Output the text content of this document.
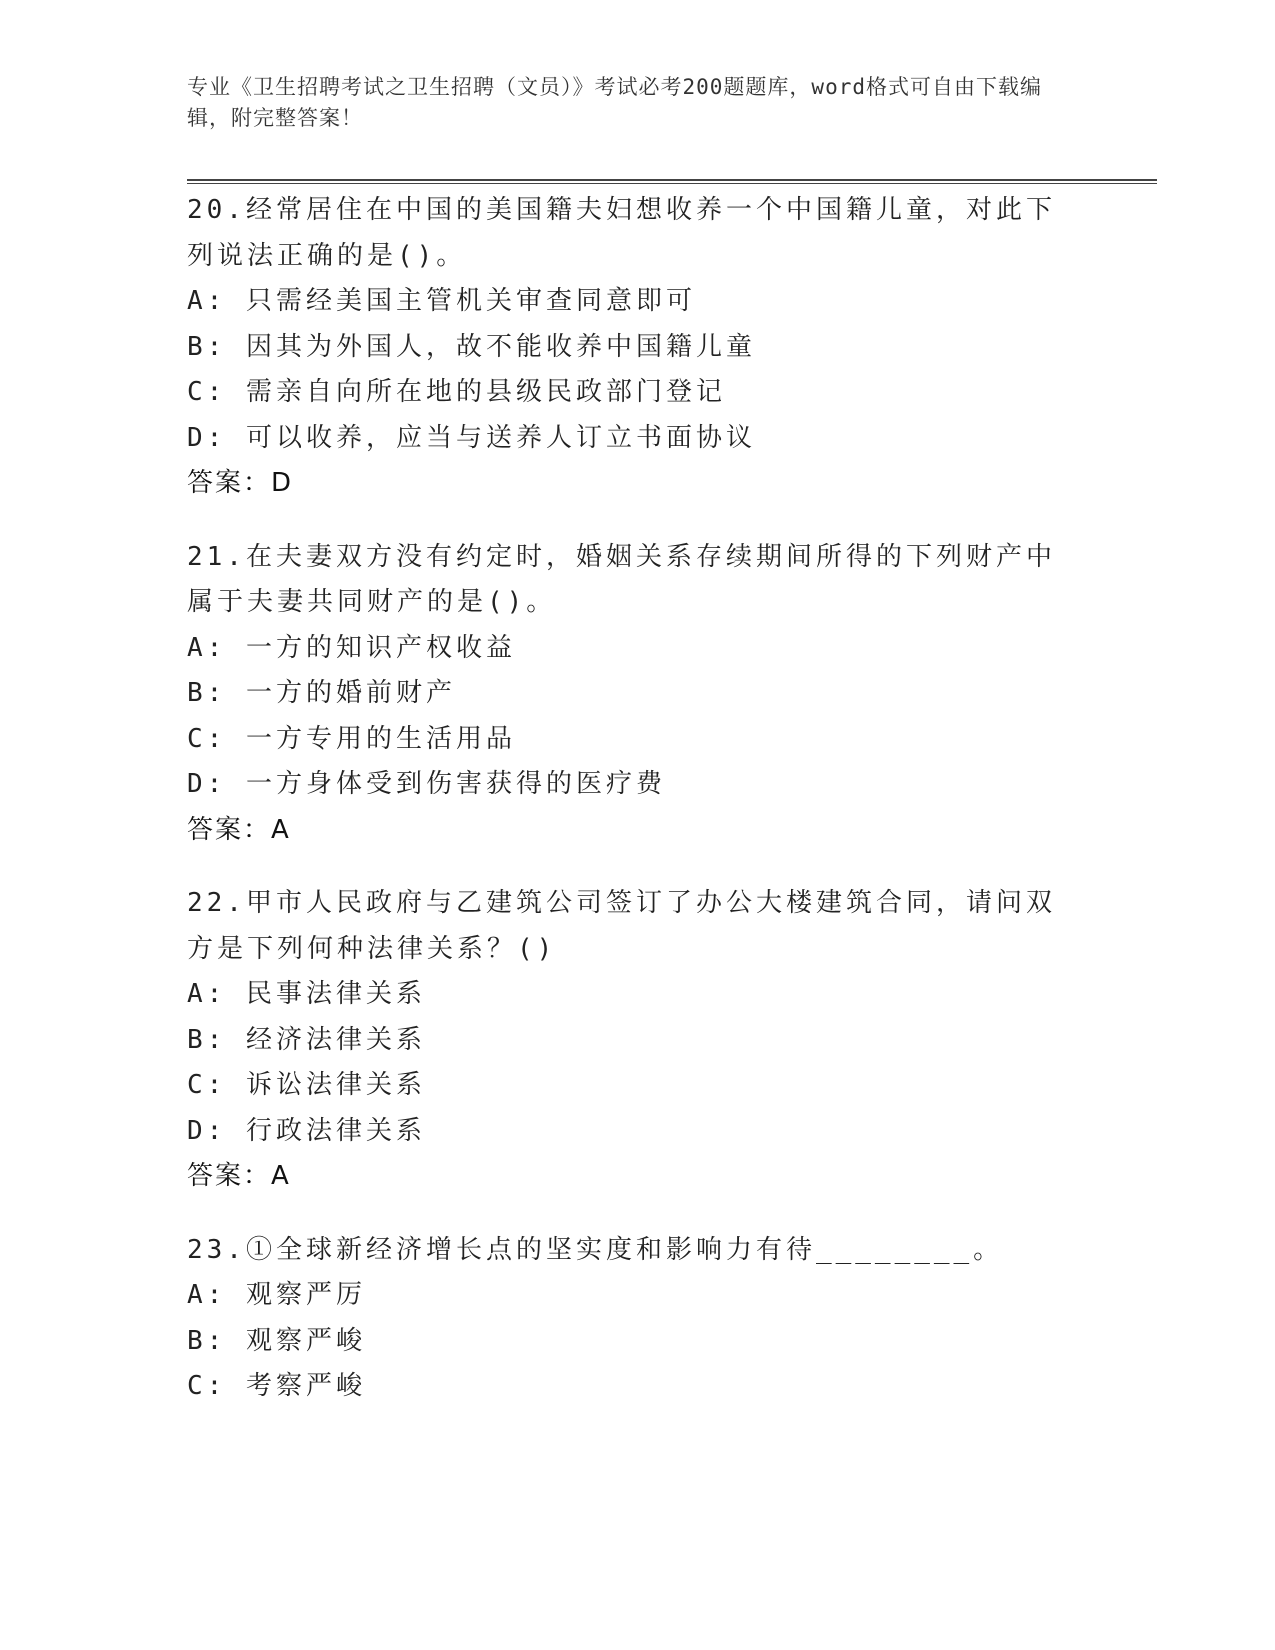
专业《卫生招聘考试之卫生招聘（文员）》考试必考200题题库，word格式可自由下载编辑，附完整答案！
20.经常居住在中国的美国籍夫妇想收养一个中国籍儿童，对此下列说法正确的是()。
A: 只需经美国主管机关审查同意即可
B: 因其为外国人，故不能收养中国籍儿童
C: 需亲自向所在地的县级民政部门登记
D: 可以收养，应当与送养人订立书面协议
答案：D
21.在夫妻双方没有约定时，婚姻关系存续期间所得的下列财产中属于夫妻共同财产的是()。
A: 一方的知识产权收益
B: 一方的婚前财产
C: 一方专用的生活用品
D: 一方身体受到伤害获得的医疗费
答案：A
22.甲市人民政府与乙建筑公司签订了办公大楼建筑合同，请问双方是下列何种法律关系？()
A: 民事法律关系
B: 经济法律关系
C: 诉讼法律关系
D: 行政法律关系
答案：A
23.①全球新经济增长点的坚实度和影响力有待________。
A: 观察严厉
B: 观察严峻
C: 考察严峻
